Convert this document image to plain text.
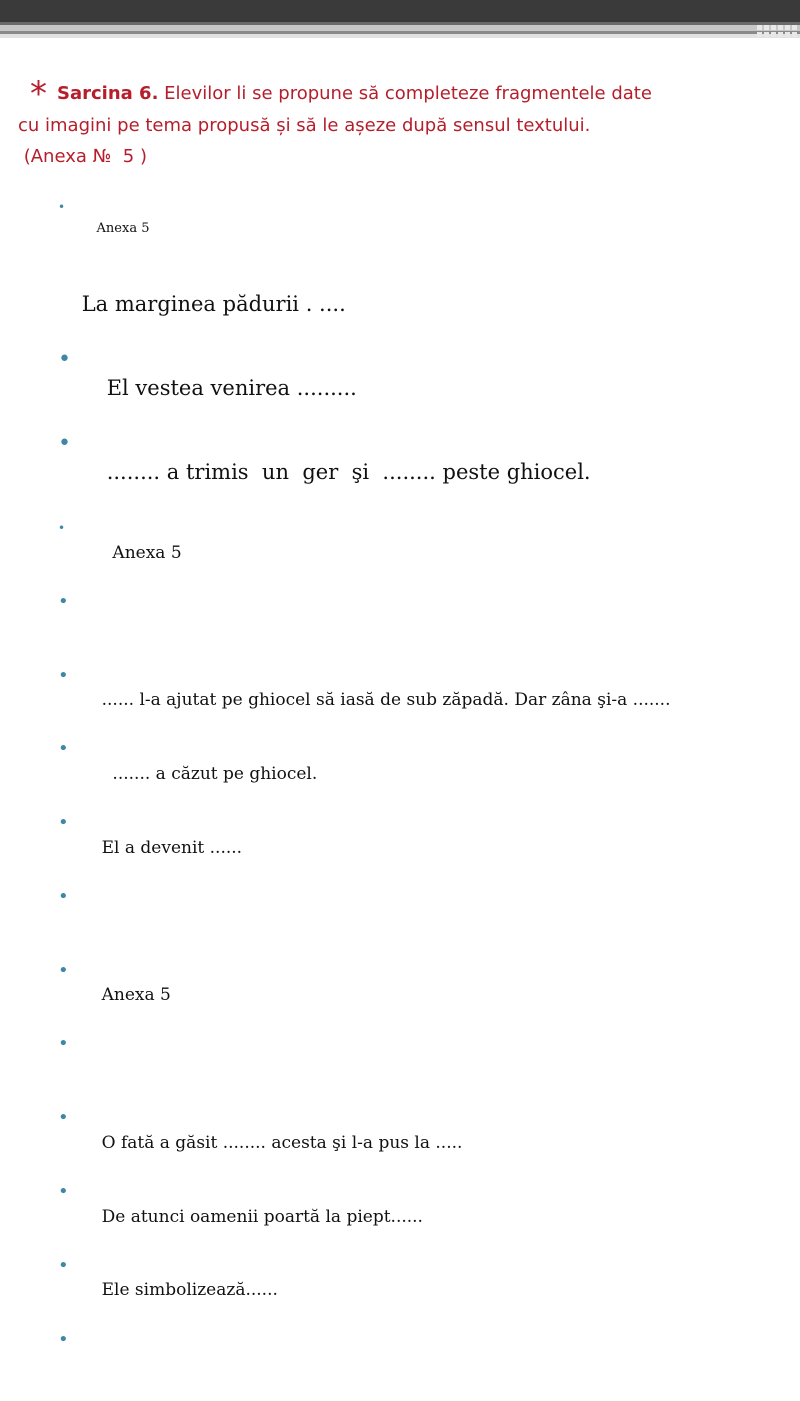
* Sarcina 6. Elevilor li se propune să completeze fragmentele date
cu imagini pe tema propusă și să le așeze după sensul textului.
(Anexa №  5 )

•
Anexa 5

La marginea pădurii . ....

•
El vestea venirea .........

•
........ a trimis  un  ger  şi  ........ peste ghiocel.

•
Anexa 5

•

•
...... l-a ajutat pe ghiocel să iasă de sub zăpadă. Dar zâna şi-a .......

•
....... a căzut pe ghiocel.

•
El a devenit ......

•

•
Anexa 5

•

•
O fată a găsit ........ acesta şi l-a pus la .....

•
De atunci oamenii poartă la piept......

•
Ele simbolizează......

•
